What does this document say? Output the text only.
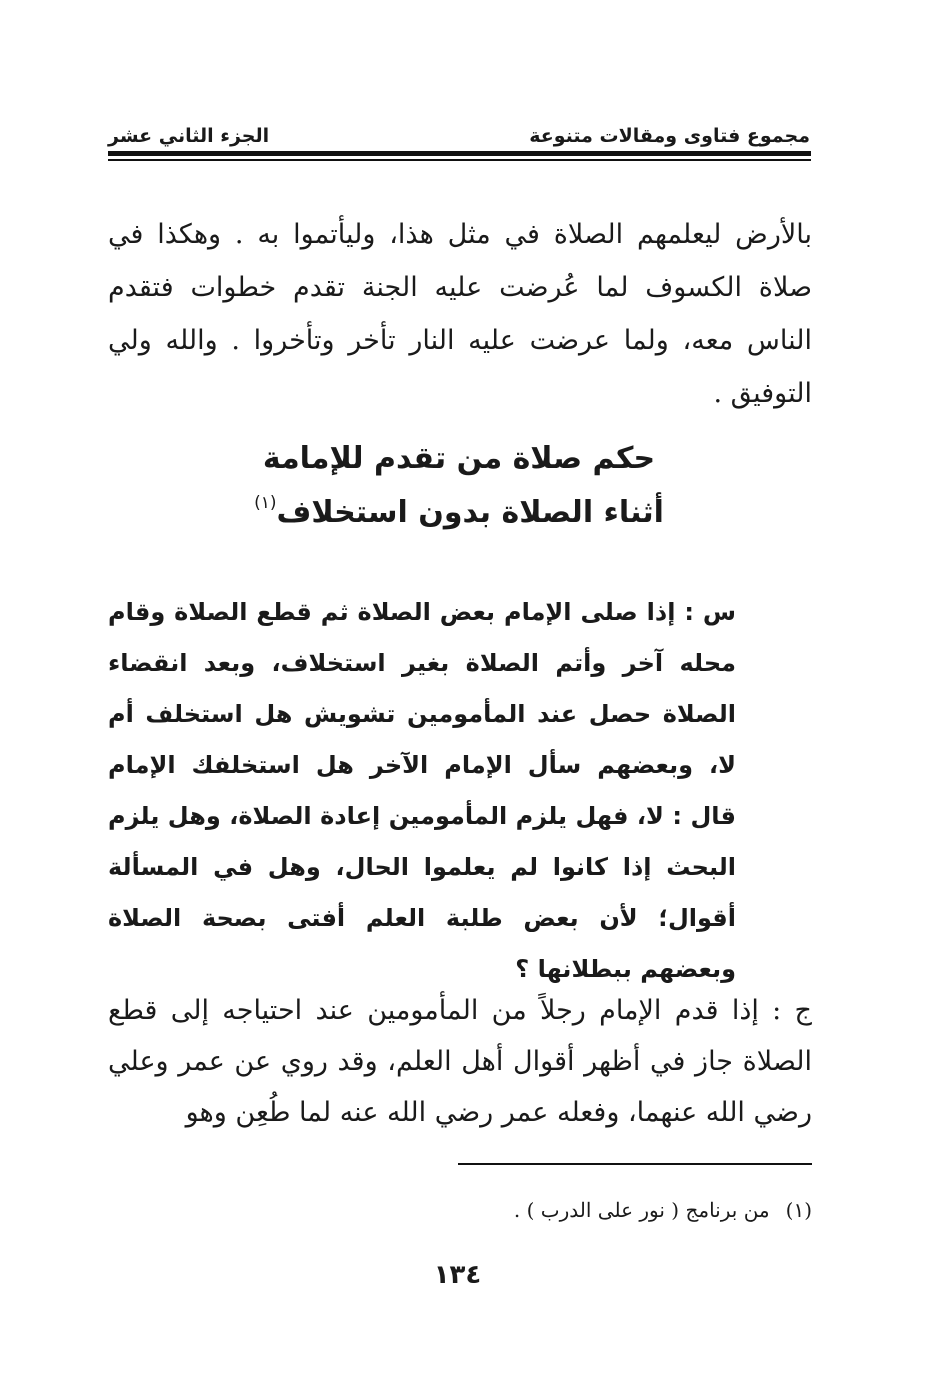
مجموع فتاوى ومقالات متنوعة
الجزء الثاني عشر

بالأرض ليعلمهم الصلاة في مثل هذا، وليأتموا به . وهكذا في صلاة الكسوف لما عُرضت عليه الجنة تقدم خطوات فتقدم الناس معه، ولما عرضت عليه النار تأخر وتأخروا . والله ولي التوفيق .

حكم صلاة من تقدم للإمامة
أثناء الصلاة بدون استخلاف$^{(١)}$

س : إذا صلى الإمام بعض الصلاة ثم قطع الصلاة وقام محله آخر وأتم الصلاة بغير استخلاف، وبعد انقضاء الصلاة حصل عند المأمومين تشويش هل استخلف أم لا، وبعضهم سأل الإمام الآخر هل استخلفك الإمام قال : لا، فهل يلزم المأمومين إعادة الصلاة، وهل يلزم البحث إذا كانوا لم يعلموا الحال، وهل في المسألة أقوال؛ لأن بعض طلبة العلم أفتى بصحة الصلاة وبعضهم ببطلانها ؟

ج : إذا قدم الإمام رجلاً من المأمومين عند احتياجه إلى قطع الصلاة جاز في أظهر أقوال أهل العلم، وقد روي عن عمر وعلي رضي الله عنهما، وفعله عمر رضي الله عنه لما طُعِن وهو

(١)من برنامج ( نور على الدرب ) .
١٣٤
